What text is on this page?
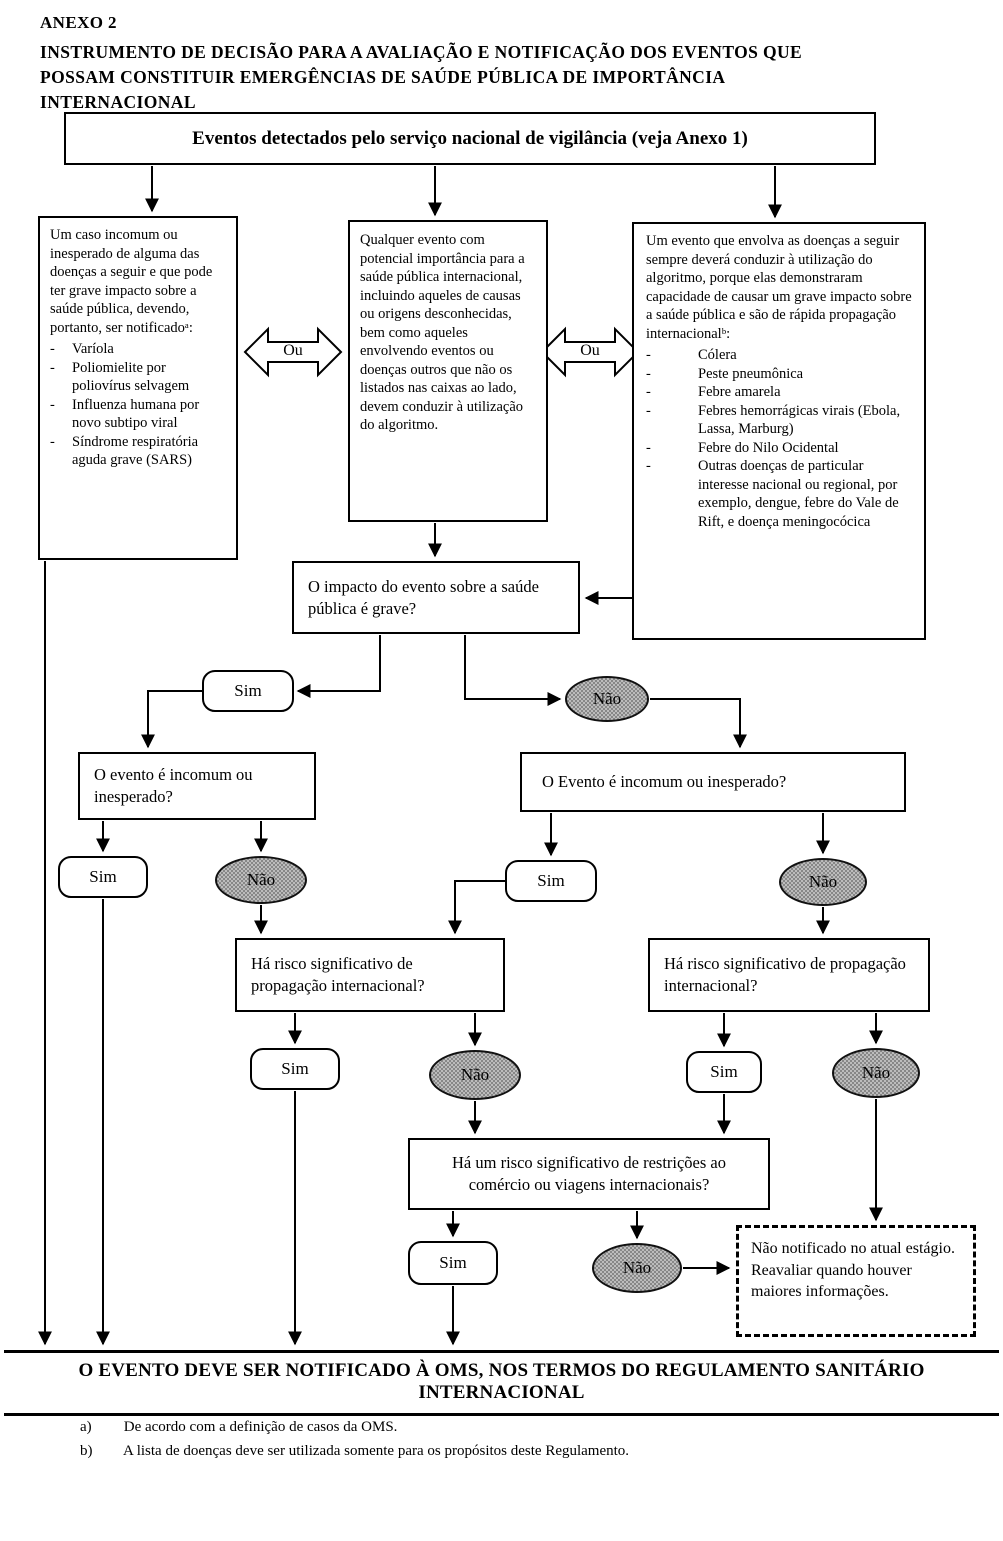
ANEXO 2
INSTRUMENTO DE DECISÃO PARA A AVALIAÇÃO E NOTIFICAÇÃO DOS EVENTOS QUE
POSSAM CONSTITUIR EMERGÊNCIAS DE SAÚDE PÚBLICA DE IMPORTÂNCIA
INTERNACIONAL
Eventos detectados pelo serviço nacional de vigilância (veja Anexo 1)
Um caso incomum ou inesperado de alguma das doenças a seguir e que pode ter grave impacto sobre a saúde pública, devendo, portanto, ser notificadoᵃ:
-	Varíola
-	Poliomielite por poliovírus selvagem
-	Influenza humana por novo subtipo viral
-	Síndrome respiratória aguda grave (SARS)
Qualquer evento com potencial importância para a saúde pública internacional, incluindo aqueles de causas ou origens desconhecidas, bem como aqueles envolvendo eventos ou doenças outros que não os listados nas caixas ao lado, devem conduzir à utilização do algoritmo.
Um evento que envolva as doenças a seguir sempre deverá conduzir à utilização do algoritmo, porque elas demonstraram capacidade de causar um grave impacto sobre a saúde pública e são de rápida propagação internacionalᵇ:
-	Cólera
-	Peste pneumônica
-	Febre amarela
-	Febres hemorrágicas virais (Ebola, Lassa, Marburg)
-	Febre do Nilo Ocidental
-	Outras doenças de particular interesse nacional ou regional, por exemplo, dengue, febre do Vale de Rift, e doença meningocócica
Ou	Ou
O impacto do evento sobre a saúde pública é grave?
Sim	Não
O evento é incomum ou inesperado?
O Evento é incomum ou inesperado?
Sim	Não	Sim	Não
Há risco significativo de propagação internacional?
Há risco significativo de propagação internacional?
Sim	Não	Sim	Não
Há um risco significativo de restrições ao comércio ou viagens internacionais?
Sim	Não
Não notificado no atual estágio. Reavaliar quando houver maiores informações.
O EVENTO DEVE SER NOTIFICADO À OMS, NOS TERMOS DO REGULAMENTO SANITÁRIO INTERNACIONAL
a) De acordo com a definição de casos da OMS.
b) A lista de doenças deve ser utilizada somente para os propósitos deste Regulamento.
